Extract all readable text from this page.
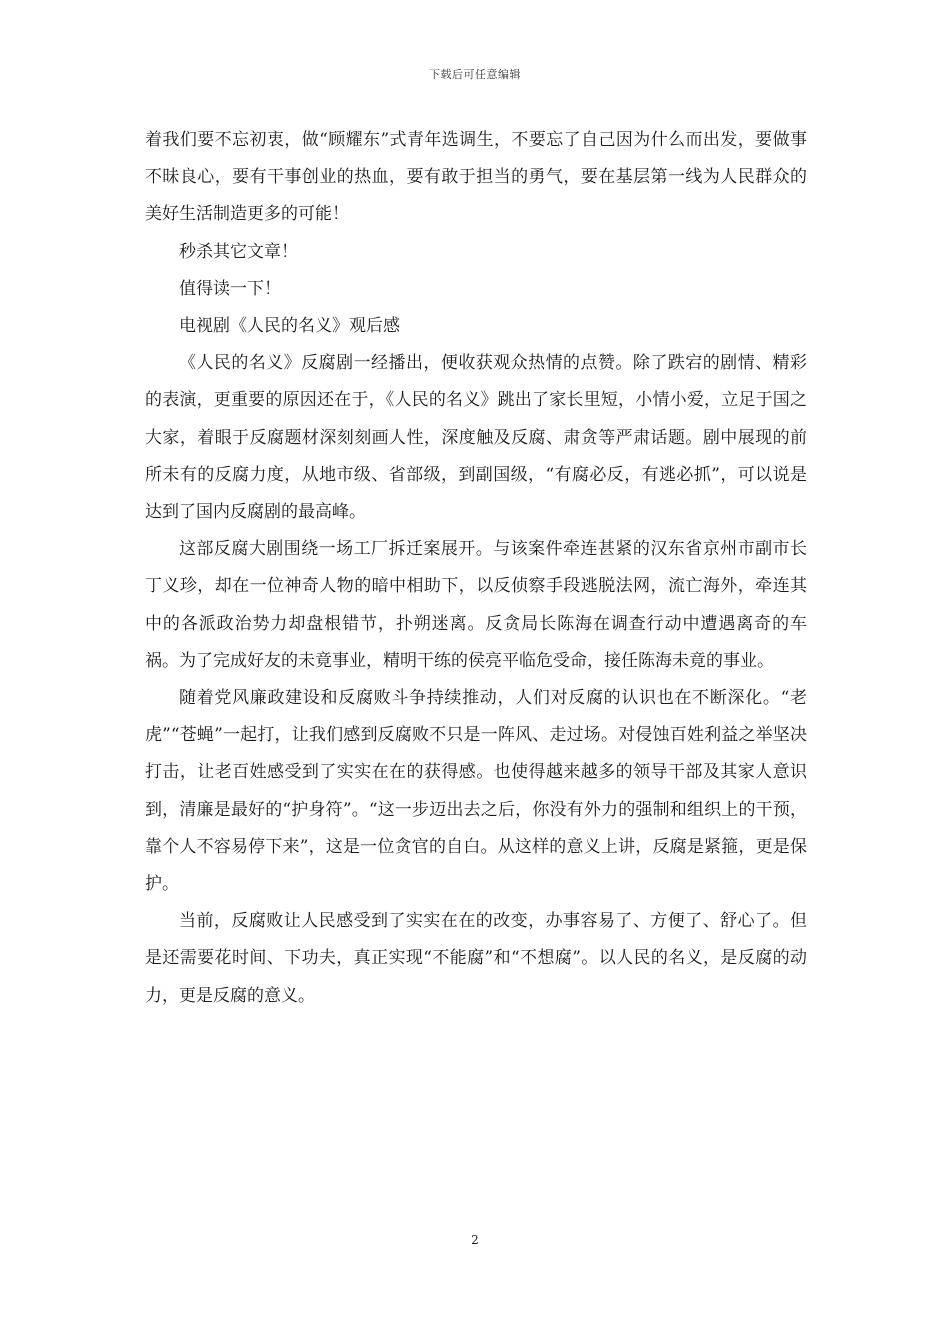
下载后可任意编辑

着我们要不忘初衷，做“顾耀东”式青年选调生，不要忘了自己因为什么而出发，要做事不昧良心，要有干事创业的热血，要有敢于担当的勇气，要在基层第一线为人民群众的美好生活制造更多的可能！

秒杀其它文章！

值得读一下！

电视剧《人民的名义》观后感

《人民的名义》反腐剧一经播出，便收获观众热情的点赞。除了跌宕的剧情、精彩的表演，更重要的原因还在于，《人民的名义》跳出了家长里短，小情小爱，立足于国之大家，着眼于反腐题材深刻刻画人性，深度触及反腐、肃贪等严肃话题。剧中展现的前所未有的反腐力度，从地市级、省部级，到副国级，“有腐必反，有逃必抓”，可以说是达到了国内反腐剧的最高峰。

这部反腐大剧围绕一场工厂拆迁案展开。与该案件牵连甚紧的汉东省京州市副市长丁义珍，却在一位神奇人物的暗中相助下，以反侦察手段逃脱法网，流亡海外，牵连其中的各派政治势力却盘根错节，扑朔迷离。反贪局长陈海在调查行动中遭遇离奇的车祸。为了完成好友的未竟事业，精明干练的侯亮平临危受命，接任陈海未竟的事业。

随着党风廉政建设和反腐败斗争持续推动，人们对反腐的认识也在不断深化。“老虎”“苍蝇”一起打，让我们感到反腐败不只是一阵风、走过场。对侵蚀百姓利益之举坚决打击，让老百姓感受到了实实在在的获得感。也使得越来越多的领导干部及其家人意识到，清廉是最好的“护身符”。“这一步迈出去之后，你没有外力的强制和组织上的干预，靠个人不容易停下来”，这是一位贪官的自白。从这样的意义上讲，反腐是紧箍，更是保护。

当前，反腐败让人民感受到了实实在在的改变，办事容易了、方便了、舒心了。但是还需要花时间、下功夫，真正实现“不能腐”和“不想腐”。以人民的名义，是反腐的动力，更是反腐的意义。

2
